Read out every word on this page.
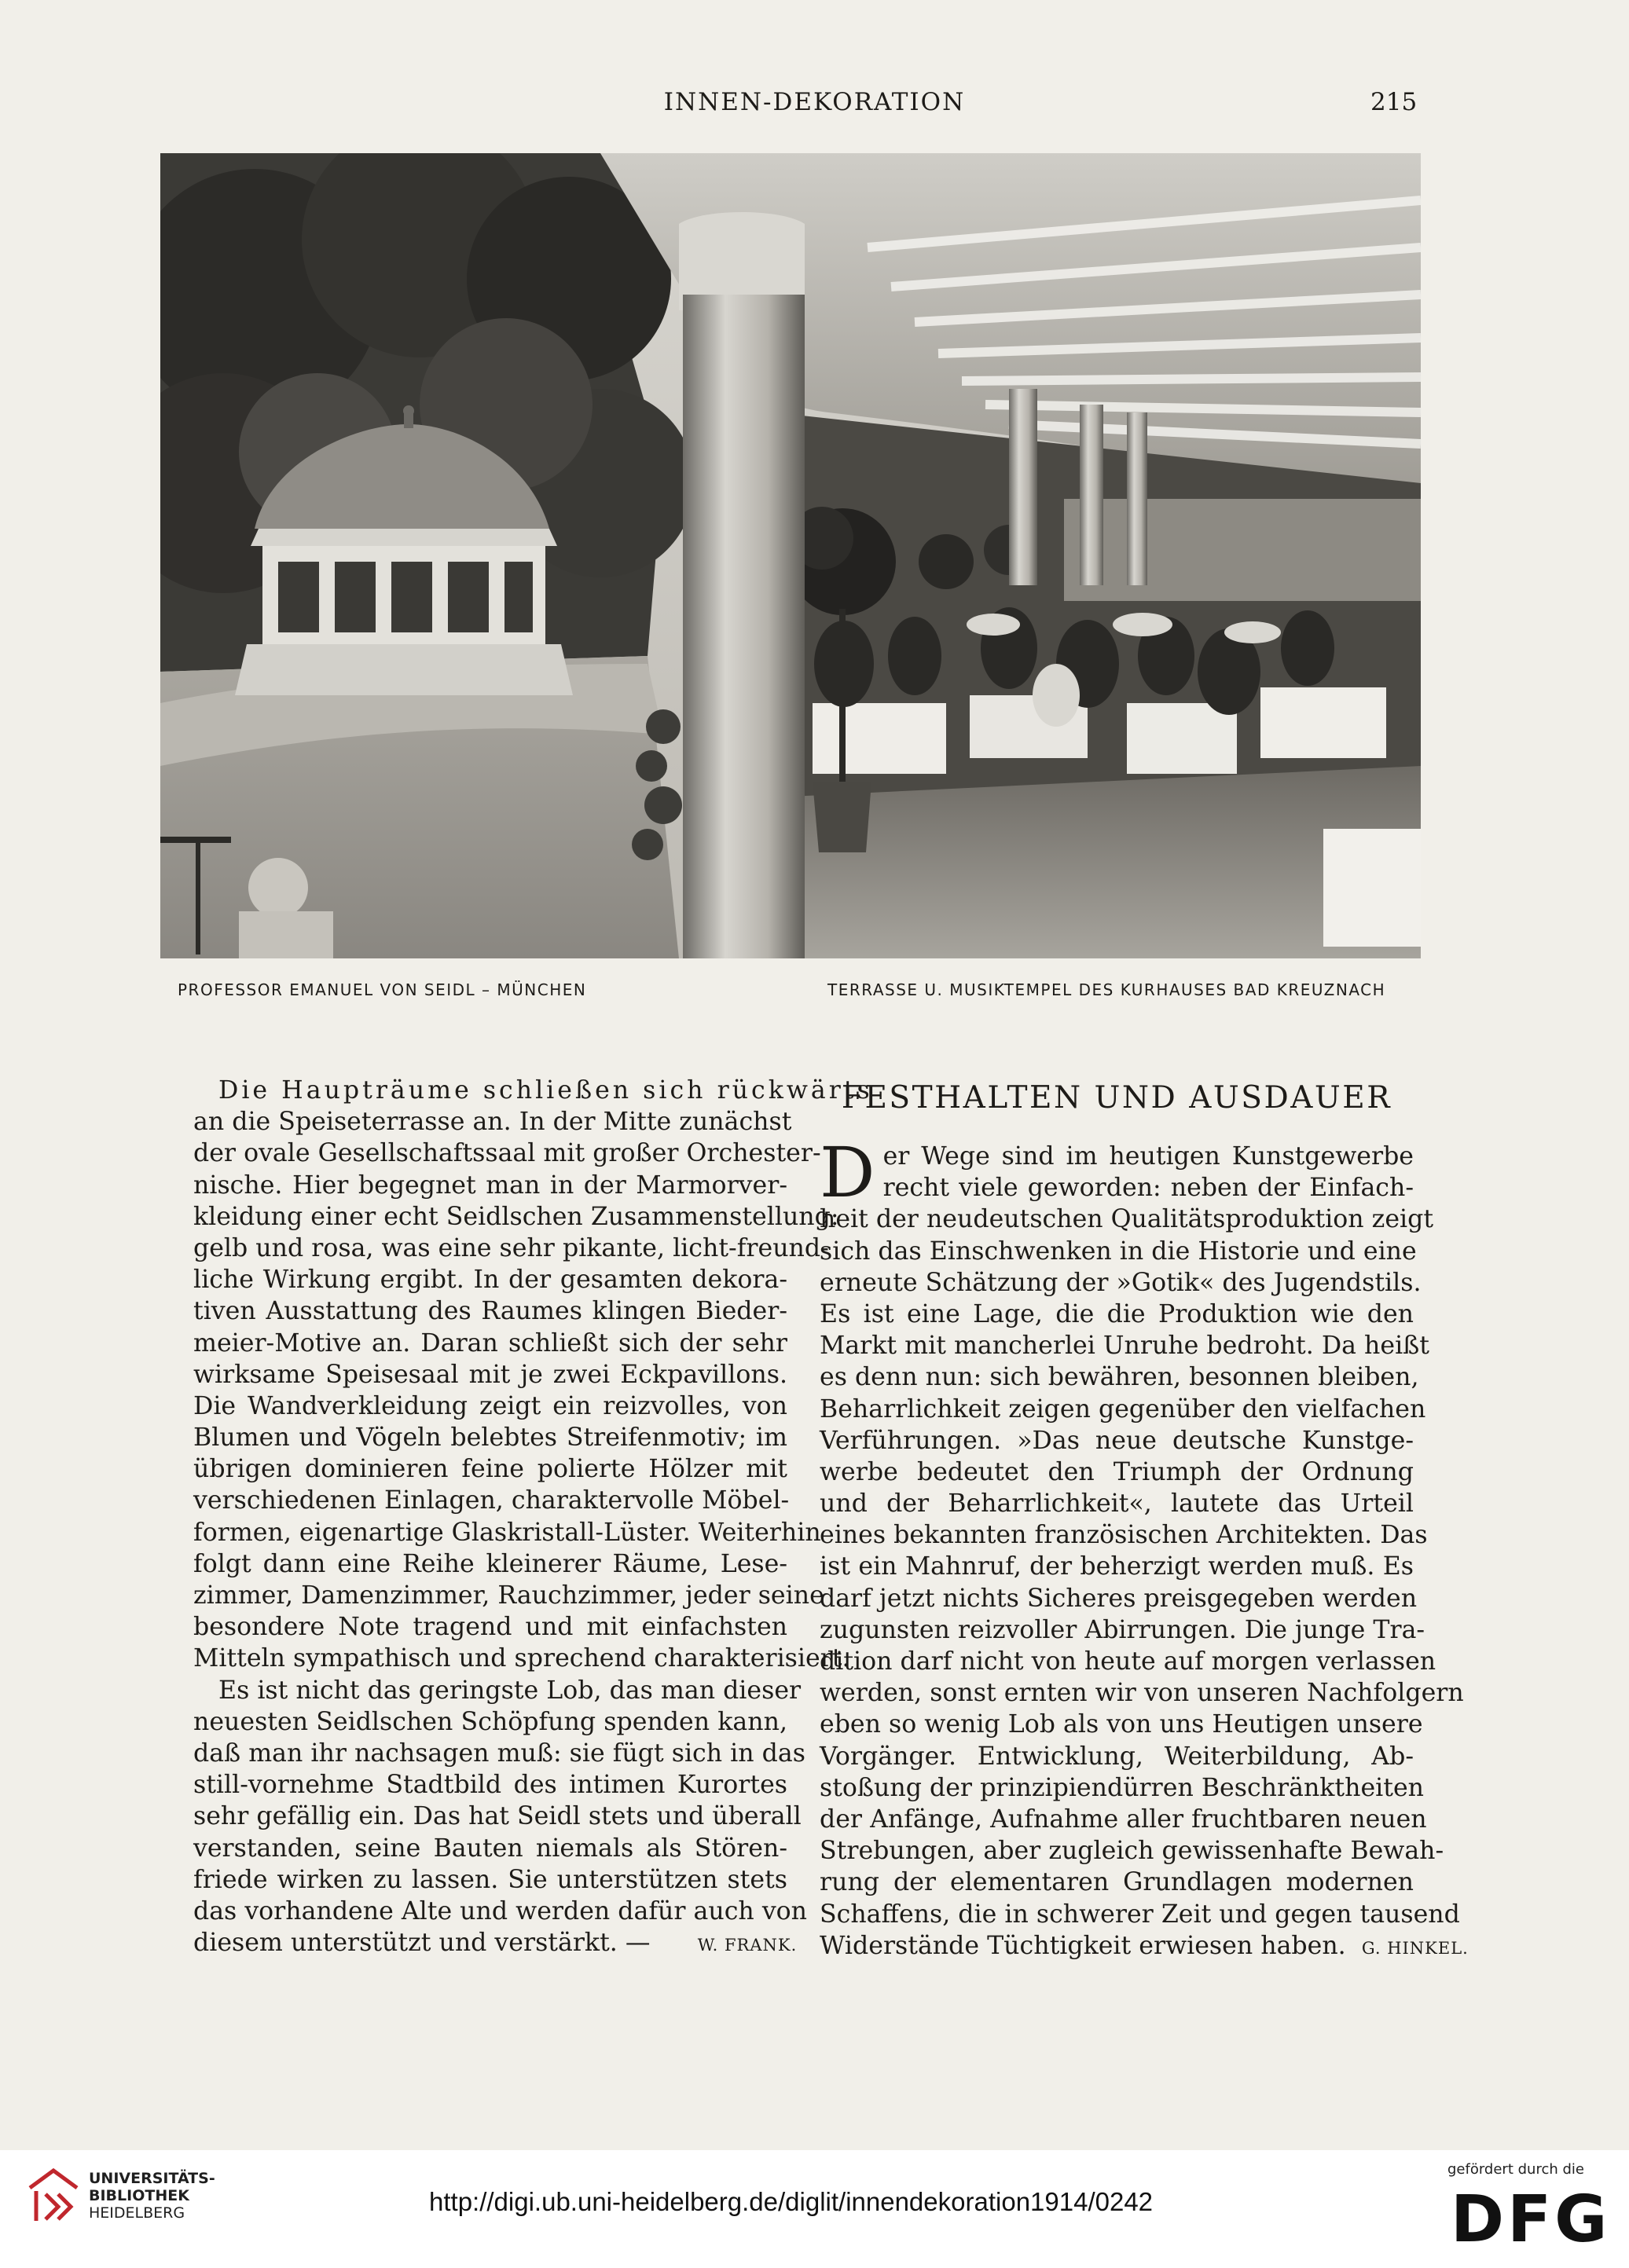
INNEN-DEKORATION	215
PROFESSOR EMANUEL VON SEIDL – MÜNCHEN	TERRASSE U. MUSIKTEMPEL DES KURHAUSES BAD KREUZNACH
Die Haupträume schließen sich rückwärts
an die Speiseterrasse an. In der Mitte zunächst
der ovale Gesellschaftssaal mit großer Orchester-
nische. Hier begegnet man in der Marmorver-
kleidung einer echt Seidlschen Zusammenstellung:
gelb und rosa, was eine sehr pikante, licht-freund-
liche Wirkung ergibt. In der gesamten dekora-
tiven Ausstattung des Raumes klingen Bieder-
meier-Motive an. Daran schließt sich der sehr
wirksame Speisesaal mit je zwei Eckpavillons.
Die Wandverkleidung zeigt ein reizvolles, von
Blumen und Vögeln belebtes Streifenmotiv; im
übrigen dominieren feine polierte Hölzer mit
verschiedenen Einlagen, charaktervolle Möbel-
formen, eigenartige Glaskristall-Lüster. Weiterhin
folgt dann eine Reihe kleinerer Räume, Lese-
zimmer, Damenzimmer, Rauchzimmer, jeder seine
besondere Note tragend und mit einfachsten
Mitteln sympathisch und sprechend charakterisiert.
Es ist nicht das geringste Lob, das man dieser
neuesten Seidlschen Schöpfung spenden kann,
daß man ihr nachsagen muß: sie fügt sich in das
still-vornehme Stadtbild des intimen Kurortes
sehr gefällig ein. Das hat Seidl stets und überall
verstanden, seine Bauten niemals als Stören-
friede wirken zu lassen. Sie unterstützen stets
das vorhandene Alte und werden dafür auch von
diesem unterstützt und verstärkt. —	W. FRANK.
FESTHALTEN UND AUSDAUER
D er Wege sind im heutigen Kunstgewerbe
recht viele geworden: neben der Einfach-
heit der neudeutschen Qualitätsproduktion zeigt
sich das Einschwenken in die Historie und eine
erneute Schätzung der »Gotik« des Jugendstils.
Es ist eine Lage, die die Produktion wie den
Markt mit mancherlei Unruhe bedroht. Da heißt
es denn nun: sich bewähren, besonnen bleiben,
Beharrlichkeit zeigen gegenüber den vielfachen
Verführungen. »Das neue deutsche Kunstge-
werbe bedeutet den Triumph der Ordnung
und der Beharrlichkeit«, lautete das Urteil
eines bekannten französischen Architekten. Das
ist ein Mahnruf, der beherzigt werden muß. Es
darf jetzt nichts Sicheres preisgegeben werden
zugunsten reizvoller Abirrungen. Die junge Tra-
dition darf nicht von heute auf morgen verlassen
werden, sonst ernten wir von unseren Nachfolgern
eben so wenig Lob als von uns Heutigen unsere
Vorgänger. Entwicklung, Weiterbildung, Ab-
stoßung der prinzipiendürren Beschränktheiten
der Anfänge, Aufnahme aller fruchtbaren neuen
Strebungen, aber zugleich gewissenhafte Bewah-
rung der elementaren Grundlagen modernen
Schaffens, die in schwerer Zeit und gegen tausend
Widerstände Tüchtigkeit erwiesen haben. G. HINKEL.
UNIVERSITÄTS-
BIBLIOTHEK
HEIDELBERG	http://digi.ub.uni-heidelberg.de/diglit/innendekoration1914/0242
gefördert durch die
DFG
